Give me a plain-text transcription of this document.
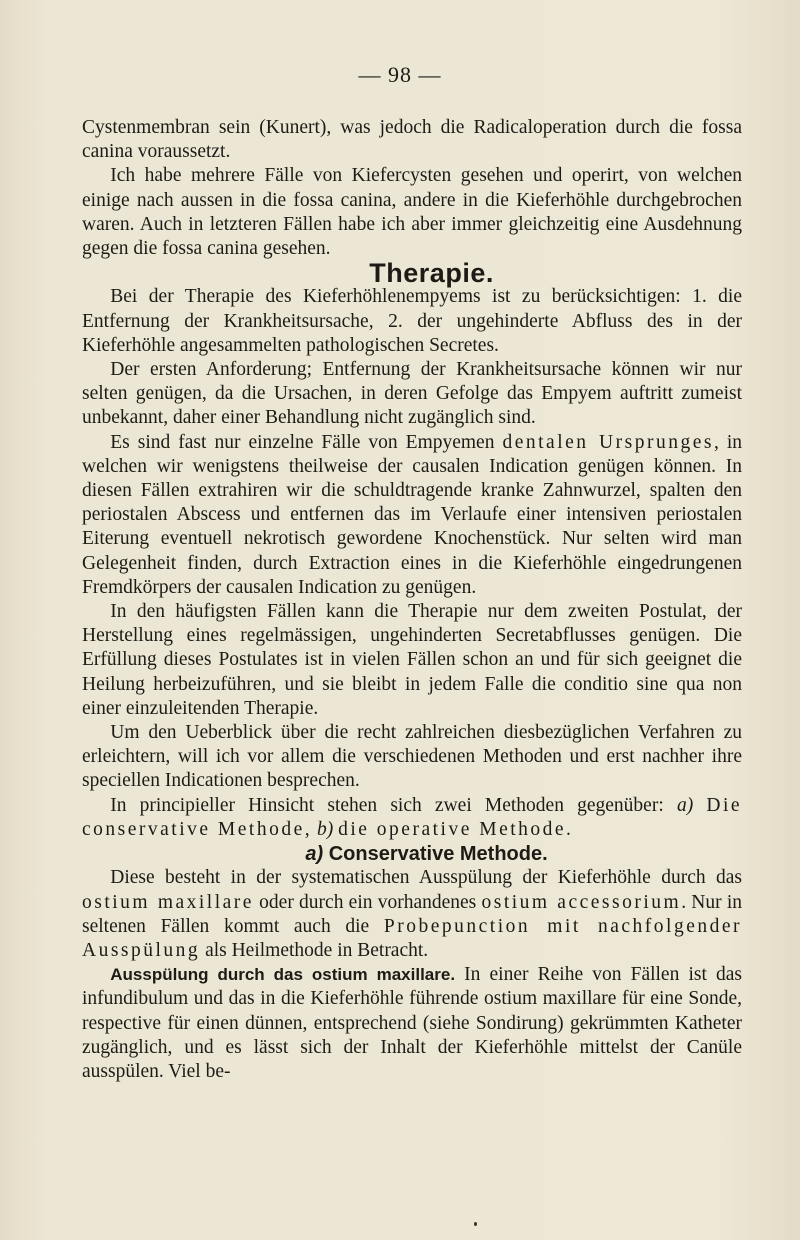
— 98 —

Cystenmembran sein (Kunert), was jedoch die Radicaloperation durch die fossa canina voraussetzt.

Ich habe mehrere Fälle von Kiefercysten gesehen und operirt, von welchen einige nach aussen in die fossa canina, andere in die Kieferhöhle durchgebrochen waren. Auch in letzteren Fällen habe ich aber immer gleichzeitig eine Ausdehnung gegen die fossa canina gesehen.

Therapie.

Bei der Therapie des Kieferhöhlenempyems ist zu berücksichtigen: 1. die Entfernung der Krankheitsursache, 2. der ungehinderte Abfluss des in der Kieferhöhle angesammelten pathologischen Secretes.

Der ersten Anforderung; Entfernung der Krankheitsursache können wir nur selten genügen, da die Ursachen, in deren Gefolge das Empyem auftritt zumeist unbekannt, daher einer Behandlung nicht zugänglich sind.

Es sind fast nur einzelne Fälle von Empyemen dentalen Ursprunges, in welchen wir wenigstens theilweise der causalen Indication genügen können. In diesen Fällen extrahiren wir die schuldtragende kranke Zahnwurzel, spalten den periostalen Abscess und entfernen das im Verlaufe einer intensiven periostalen Eiterung eventuell nekrotisch gewordene Knochenstück. Nur selten wird man Gelegenheit finden, durch Extraction eines in die Kieferhöhle eingedrungenen Fremdkörpers der causalen Indication zu genügen.

In den häufigsten Fällen kann die Therapie nur dem zweiten Postulat, der Herstellung eines regelmässigen, ungehinderten Secretabflusses genügen. Die Erfüllung dieses Postulates ist in vielen Fällen schon an und für sich geeignet die Heilung herbeizuführen, und sie bleibt in jedem Falle die conditio sine qua non einer einzuleitenden Therapie.

Um den Ueberblick über die recht zahlreichen diesbezüglichen Verfahren zu erleichtern, will ich vor allem die verschiedenen Methoden und erst nachher ihre speciellen Indicationen besprechen.

In principieller Hinsicht stehen sich zwei Methoden gegenüber: a) Die conservative Methode, b) die operative Methode.

a) Conservative Methode.

Diese besteht in der systematischen Ausspülung der Kieferhöhle durch das ostium maxillare oder durch ein vorhandenes ostium accessorium. Nur in seltenen Fällen kommt auch die Probepunction mit nachfolgender Ausspülung als Heilmethode in Betracht.

Ausspülung durch das ostium maxillare. In einer Reihe von Fällen ist das infundibulum und das in die Kieferhöhle führende ostium maxillare für eine Sonde, respective für einen dünnen, entsprechend (siehe Sondirung) gekrümmten Katheter zugänglich, und es lässt sich der Inhalt der Kieferhöhle mittelst der Canüle ausspülen. Viel be-
